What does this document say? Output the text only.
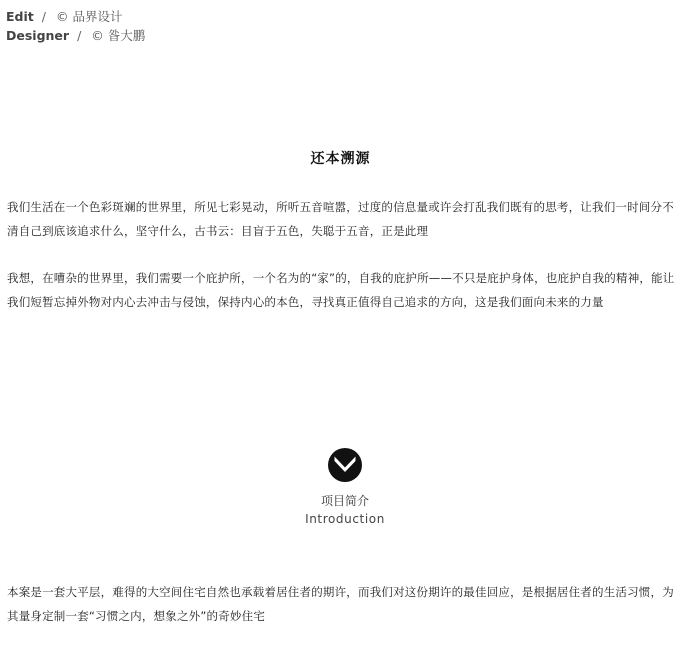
Edit / © 品界设计
Designer / © 昝大鹏
还本溯源

我们生活在一个色彩斑斓的世界里，所见七彩晃动，所听五音喧嚣，过度的信息量或许会打乱我们既有的思考，让我们一时间分不清自己到底该追求什么，坚守什么，古书云：目盲于五色，失聪于五音，正是此理

我想，在嘈杂的世界里，我们需要一个庇护所，一个名为的“家”的，自我的庇护所——不只是庇护身体，也庇护自我的精神，能让我们短暂忘掉外物对内心去冲击与侵蚀，保持内心的本色，寻找真正值得自己追求的方向，这是我们面向未来的力量

项目简介
Introduction

本案是一套大平层，难得的大空间住宅自然也承载着居住者的期许，而我们对这份期许的最佳回应，是根据居住者的生活习惯，为其量身定制一套“习惯之内，想象之外”的奇妙住宅
